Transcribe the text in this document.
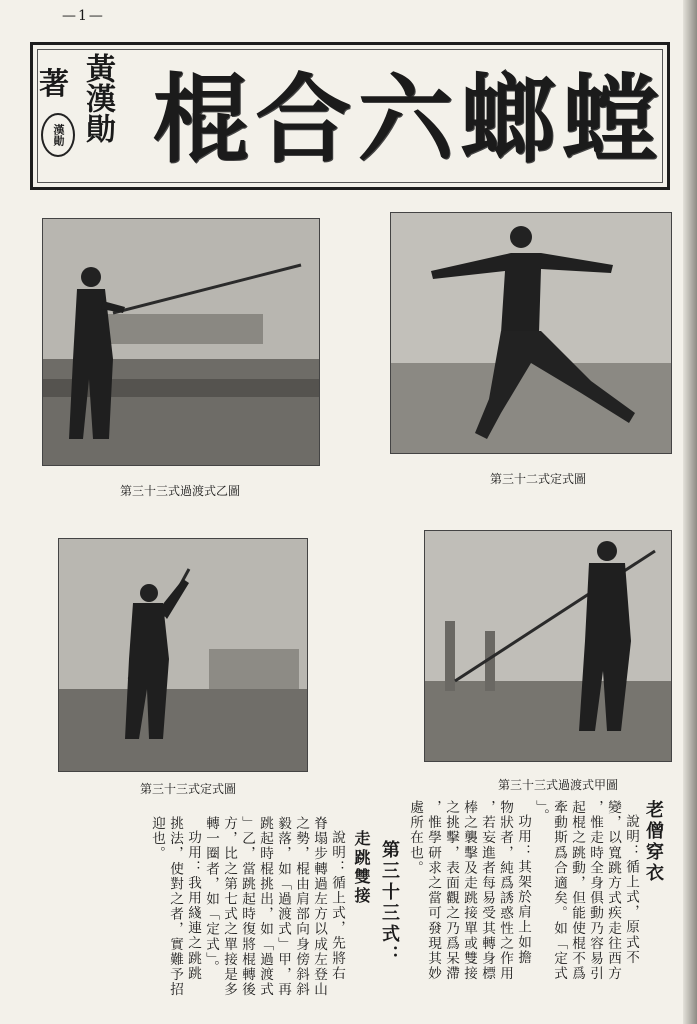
—1—
著
漢勛 黃漢勛 棍 合 六 螂 螳
第三十三式過渡式乙圖
第三十二式定式圖
第三十三式定式圖	第三十三式過渡式甲圖
老僧穿衣
說明：循上式，原式不
變，以寬跳方式疾走往西方
，惟走時全身俱動乃容易引
起棍之跳動，但能使棍不爲
牽動斯爲合適矣。如「定式
」。
功用：其架於肩上如擔
物狀者，純爲誘惑性之作用
，若妄進者每易受其轉身標
棒之襲擊及走跳接單或雙接
之挑擊，表面觀之乃爲呆滯
，惟學研求之當可發現其妙
處所在也。
第三十三式：
走跳雙接
說明：循上式，先將右
脊塌步轉過左方以成左登山
之勢，棍由肩部向身傍斜斜
毅落，如「過渡式」甲，再
跳起時棍挑出，如「過渡式
」乙，當跳起時復將棍轉後
方，比之第七式之單接是多
轉一圈者，如「定式」。
功用：我用綫連之跳跳
挑法，使對之者，實難予招
迎也。
